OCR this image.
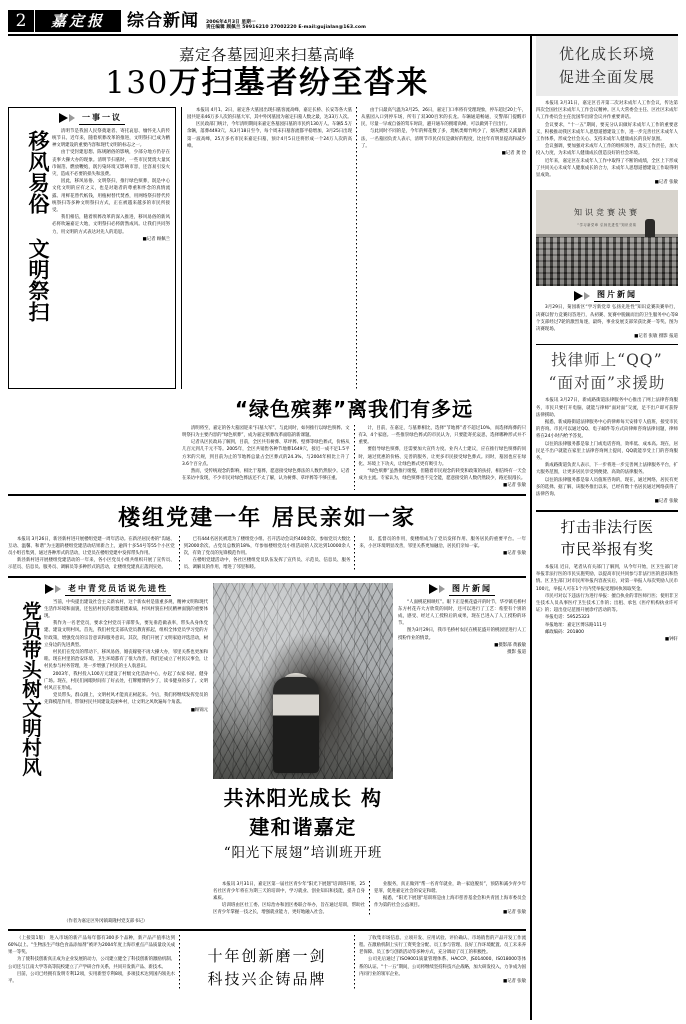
2	嘉定报	综合新闻 2006年4月3日 星期一
责任编辑 顾佩兰 59916210 27002220 E-mail:gujialan@163.com
嘉定各墓园迎来扫墓高峰
130万扫墓者纷至沓来
一事一议
移风易俗 文明祭扫	清明节是我国人民祭奠逝者、寄托哀思、缅怀先人的传统节日。近年来，随着殡葬改革的推进，文明祭扫已成为精神文明建设的重要内容和现代文明的标志之一。

由于受封建思想、陈规陋俗的影响，少部分地方仍存在丧事大操大办的现象。清明节扫墓时，一些市民焚烧大量冥币锡箔、燃放鞭炮，既污染环境又影响市容，还容易引发火灾，造成不必要的损失和浪费。

因此，移风易俗、文明祭扫，推行绿色殡葬，既是中心文化文明的应有之义，也是对逝者的尊重和怀念的真情流露。用鲜花替代纸钱，用植树替代焚香，用网络祭扫替代传统祭扫等多种文明祭扫方式，正在被越来越多的市民所接受。

我们相信，随着殡葬改革的深入推进，移风易俗的新风必将吹遍嘉定大地，文明祭扫必将蔚然成风。让我们共同努力，用文明的方式表达对先人的追思。

■记者 顾佩兰

本报讯 4月1、2日，嘉定各大墓园出现扫墓客流高峰，嘉定长桥、长安等各大墓园共迎来46万多人次的扫墓大军，其中外冈墓园为嘉定扫墓人数之最，达33万人次。

区民政部门统计，今年清明期间来嘉定各墓园扫墓的市民约130万人。车辆5.5万余辆，落葬4493穴。从3月18日至今，每个周末扫墓客流都平稳增加，3月25日出现第一波高峰，25万多名市民来嘉定扫墓，预计4月5日还将形成一个24万人次的高峰。

由于日最高气温为3月25、26日，嘉定门口率将有受理现象，停车超过20上午，从墓园入口到停车场，所有了双300百米的长龙。车辆通道畅通，交警部门提醒市民，尽量一早或自备的驾车时段，避开通车的拥堵高峰，可以做到千百出行。

与此同时不同的是，今年的鲜花数了多，烧纸类爆竹鸣少了，烟灰燃烧又减量新法，一名墓园负责人表示，清明节市民仅仅是做好的程度，比往年有明显提高和减少了。

■记者 龚 俭

“绿色殡葬”离我们有多远

清明将至，嘉定的各大墓园迎来“扫墓大军”。与此同时，如何推行以绿色殡葬、文明祭扫为主要内容的“绿色殡葬”，成为嘉定殡葬改革面临的新课题。

记者从区民政局了解到，目前，全区共有树葬、草坪葬、壁葬等绿色葬式，价格从几百元到几千元不等。2005年，全区共销售各种节地葬1649穴，接近一成不足1.5平方米的穴规，到目前为止的节地葬总量占全区葬式的24.3%，与2004年相比上升了3.6个百分点。

然而，受传统观念的影响，相比于墓葬，愿意接受绿色葬法的人数仍然很少。记者在采访中发现，不少市民对绿色葬法还不太了解，认为树葬、草坪葬等不够庄重。

计，目前，在嘉定，与墓葬相比，选择“节地葬”者不超过10%，而选择海葬的只有3、4个家庭。一些推崇绿色葬式的市民认为，只要能寄托哀思，选择哪种形式并不重要。

要倡导绿色殡葬，还需要加大宣传力度。业内人士建议，应在推行绿色殡葬的同时，通过优惠的价格、完善的服务，让更多市民接受绿色葬式。同时，墓园也应在绿化、环境上下功夫，让绿色葬式更有吸引力。

“绿色殡葬”虽然推行缓慢，但随着市民观念的转变和政策的扶持，相信终有一天会成为主流。专家认为，绿色殡葬也不完全能，愿意接受的人数仍然较少，路还很漫长。

■记者 张敏

楼组党建一年 居民亲如一家

本报讯 3月26日，新泾新村进开展楼组党建一周年活动。在新泾居民委的“沟通、互动、温馨、和谐”为主题的楼组党建活动结果新合上，逾四十多54号等55个小区党员小组召集到，通过各种形式的活动，让党员在楼组党建中发挥带头作用。

新泾新村进开展楼组党建活动的一年来，各小区党员小组共组织开展了宣传员、示范员、信息员、服务员、调解员等多种形式的活动，让楼组党建真正落到实处。

已有444名居民被选为了楼组党小组、召开活动会议约400余次、参加党员大数比到2000余次、占党员总数的18%，年参加楼组党员小组活动的人次达到10000余人次，有效了党员的先锋模范作用。

在楼组党建活动中，各社区楼组党员队伍发挥了宣传员、示范员、信息员、服务员、调解员的作用，增进了邻里和睦。

员、监督员的作用，使楼组成为了党员发挥作用、服务居民的重要平台。一年来，小区环境明显改善，邻里关系更加融洽，居民们亲如一家。

■记者 张敏

老中青党员话说先进性
党员带头树文明村风	当前，中央提出建设社会主义新农村，这个新农村是旅重多规，精神文明和现代生活作环境和面貌，还包括村民的思想道德素质，村风村貌在村民精神面貌的重要体现。

我作为一名老党员，要求全村党员干部带头，要先垂范做表率，带头从身体党建、建设文明村风。首先，我们村党支部从党员教育抓起，组织全体党员学习党的方针政策，增强党员的宗旨意识和服务意识。其次，我们开展了文明家庭评选活动，树立身边的先进典型。

村民们在党员的带动下，移风易俗，婚丧嫁娶不再大操大办，邻里关系也更加和睦。现在村里的治安环境、卫生环境都有了很大改善。我们还成立了村民议事会，让村民参与村务管理，进一步增强了村民的主人翁意识。

2003年，我村投入100万元建设了村级文化活动中心，办起了农家书屋、健身广场。现在，村民们闲暇时间有了好去处，打牌赌博的少了，读书健身的多了。文明村风正在形成。

党员带头，群众跟上，文明村风才能真正树起来。今后，我们将继续发挥党员的先锋模范作用，带领村民共同建设美丽乡村，让文明之风吹遍每个角落。

■顾锦元

共沐阳光成长 构建和谐嘉定
“阳光下展翅”培训班开班
图片新闻

“人面桃花相映红”。眼下正是桃花盛开的时节，华亭镇毛桥村东方村花卉大方欣赏的同时，还可以进行了工艺：希望有个别的成，感受、经过人工授粉后的成果，现在已进入了人工授粉的环节。

图为3月29日，我市毛桥村农民在桃花盛开的桃园里进行人工授粉作业的情景。

■摄影部 黄毅敏

摄影 报道

本报讯 3月31日，嘉定区第一届社区青少年“阳光下展翅”培训班开班，25名社区青少年将在为期三天的培训中，学习就业、创业知识和技能，提升自身素质。

培训班由区社工委、区综治办和团区委联合举办，旨在通过培训，帮助社区青少年掌握一技之长，增强就业能力，更好地融入社会。

业服务，真正做到“帮一名青年就业，助一家庭脱贫”，预防和减少青少年犯罪，促进嘉定社会的安定和谐。

据悉，“阳光下展翅”培训班是由上海市慈善基金会和共青团上海市委员会作为第的社会公益项目。

■记者 张敏

（作者为嘉定区外冈镇葛隆村党支部书记）

（上接第1版） 进入市场的新产品每年都有300多个品种，新产品产值率达到60%以上。“生物法生产绿色食品添加剂”被评为2004年度上海市重点产品质量攻关成果一等奖。

为了使科技创新真正成为企业发展的动力，公司建立健全了科技创新的激励机制。公司还与江南大学等高等院校建立了产学研合作关系，共同开发新产品、新技术。

目前，公司已经拥有发明专利12项，实用新型专利8项，多项技术达到国内领先水平。

十年创新磨一剑
科技兴企铸品牌

了收集市场信息、立项开发、应用试验、评价确认、市场销售的产品开发工作流程。在激励机制上实行工资奖金分配、员工参与管理、良好工作环境配置、员工未来养老保障、员工参与创新活动等多种方式，充分调动了员工的积极性。

公司先后通过了ISO9001质量管理体系、HACCP、JS014000、IS018000等体系的认证。“十一五”期间，公司将继续坚持科技兴企战略，加大研发投入，力争成为国内同行业的领军企业。

■记者 张敏

优化成长环境
促进全面发展

本报讯 3月31日，嘉定区召开第二次对未成年人工作会议，传达第四次全国社区未成年人工作会议精神。区人大常委会主任、区社区未成年人工作委员会主任沈国华出席会议并作重要讲话。

会议要求，“十一五”期间，要充分认识做好未成年人工作的重要意义，积极推动我区未成年人思想道德建设工作，进一步完善社区未成年人工作体系，形成全社会关心、支持未成年人健康成长的良好氛围。

会议强调，要加强对未成年人工作的组织领导，落实工作责任，加大投入力度，为未成年人健康成长创造良好的社会环境。

近年来，嘉定区在未成年人工作中取得了不断的成绩，全区上下形成了共同关心未成年人健康成长的合力，未成年人思想道德建设工作取得明显成效。

■记者 张敏

知识竞赛决赛
“学习新党章 弘扬先进性”知识竞赛
图片新闻

3月29日，菊园新区“学习新党章 弘扬先进性”知识竞赛决赛举行，决赛以智力竞赛问答进行，从初赛、复赛中脱颖而出的卫生服务中心等8个支部经过7轮的激烈角逐，最终，事业发展支部荣获比赛一等奖。图为决赛现场。

■记者 张敏 摄影 报道

找律师上“QQ”
“面对面”求援助

本报讯 3月27日，新成路街道法律服务中心推出了网上法律咨询服务，市民只要打开电脑，就能与律师“面对面”交流，足不出户即可获得法律援助。

据悉，新成路街道法律服务中心的律师每天安排专人值班，接受市民的咨询。市民可以通过QQ、电子邮件等方式向律师咨询法律问题，律师将在24小时内给予答复。

以往的法律服务都是靠上门或电话咨询，效率低、成本高。现在，居民足不出户就能在家里上法律咨询网上提问，QQ就能享受上门的咨询服务。

新成路街道负责人表示，下一步将进一步完善网上法律服务平台，扩大服务范围，让更多居民享受到便捷、高效的法律服务。

以往的法律服务都是靠人员值班咨询的，现在，通过网络，居民有更多的选择。据了解，该服务推出以来，已经有数十名居民通过网络获得了法律咨询。

■记者 张敏

打击非法行医
市民举报有奖

本报讯 近日，笔者从有关部门了解到，从今年开始，区卫生部门对举报非法行医的市民实施奖励，以提高市民共同参与非法行医的意识和热情。区卫生部门对市民所举报内容查实后，对第一举报人每次奖励人民币100元，举报人可在1个月内凭举报受理回执领取奖金。

市民可对以下违法行为进行举报：擅自执业的非医师行医；使用非卫生技术人员从事医疗卫生技术工作的；出租、承包《医疗机构执业许可证》的；超出登记范围开展诊疗活动的等。

举报电话：59525323

举报地址：嘉定区博乐路111号

邮政编码：201800

■钟轩
